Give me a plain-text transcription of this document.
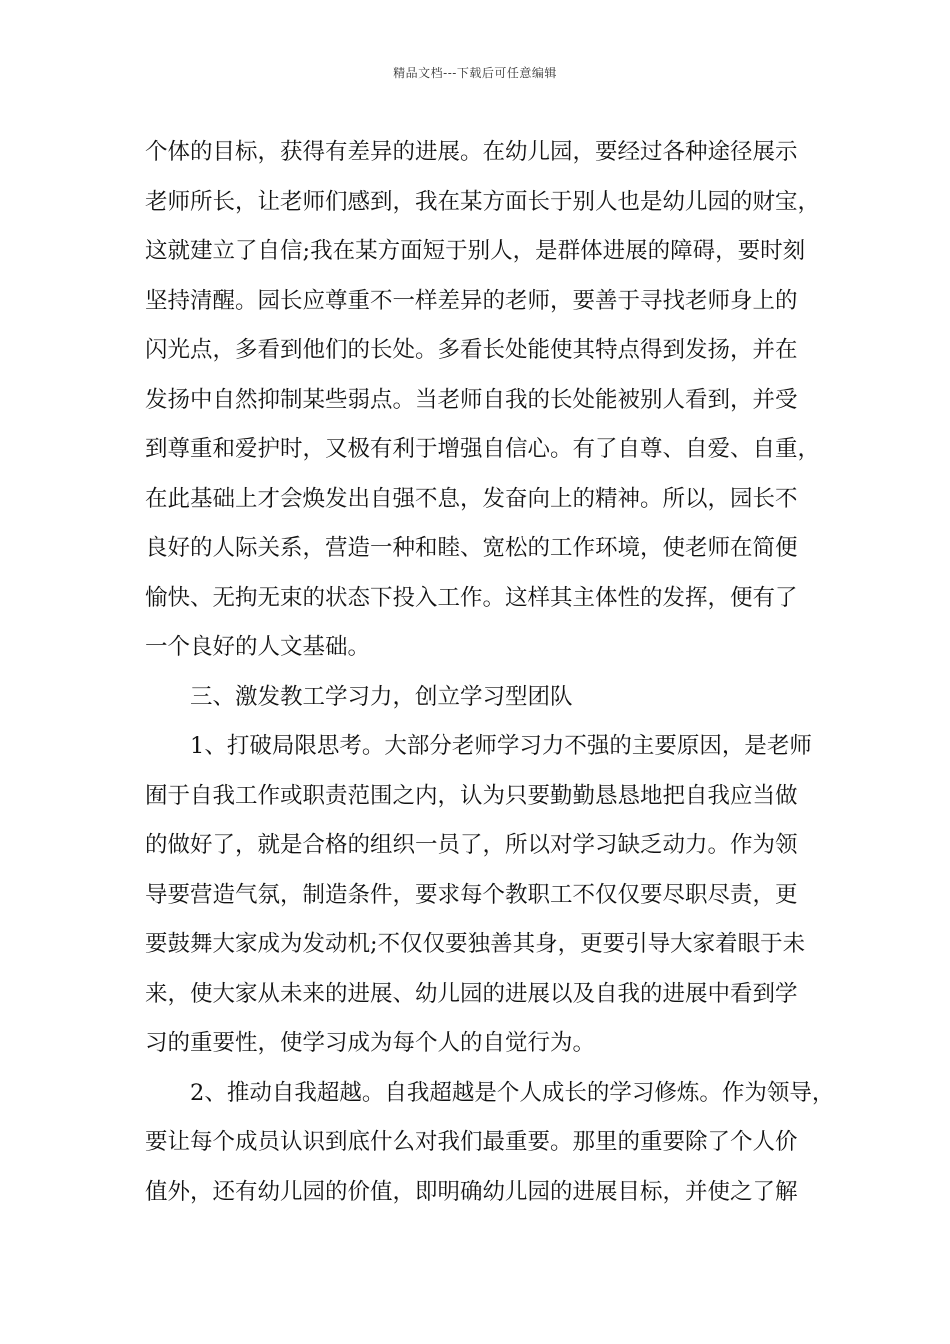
精品文档---下载后可任意编辑
个体的目标，获得有差异的进展。在幼儿园，要经过各种途径展示
老师所长，让老师们感到，我在某方面长于别人也是幼儿园的财宝，
这就建立了自信;我在某方面短于别人，是群体进展的障碍，要时刻
坚持清醒。园长应尊重不一样差异的老师，要善于寻找老师身上的
闪光点，多看到他们的长处。多看长处能使其特点得到发扬，并在
发扬中自然抑制某些弱点。当老师自我的长处能被别人看到，并受
到尊重和爱护时，又极有利于增强自信心。有了自尊、自爱、自重，
在此基础上才会焕发出自强不息，发奋向上的精神。所以，园长不
良好的人际关系，营造一种和睦、宽松的工作环境，使老师在简便
愉快、无拘无束的状态下投入工作。这样其主体性的发挥，便有了
一个良好的人文基础。
三、激发教工学习力，创立学习型团队
1、打破局限思考。大部分老师学习力不强的主要原因，是老师
囿于自我工作或职责范围之内，认为只要勤勤恳恳地把自我应当做
的做好了，就是合格的组织一员了，所以对学习缺乏动力。作为领
导要营造气氛，制造条件，要求每个教职工不仅仅要尽职尽责，更
要鼓舞大家成为发动机;不仅仅要独善其身，更要引导大家着眼于未
来，使大家从未来的进展、幼儿园的进展以及自我的进展中看到学
习的重要性，使学习成为每个人的自觉行为。
2、推动自我超越。自我超越是个人成长的学习修炼。作为领导，
要让每个成员认识到底什么对我们最重要。那里的重要除了个人价
值外，还有幼儿园的价值，即明确幼儿园的进展目标，并使之了解
